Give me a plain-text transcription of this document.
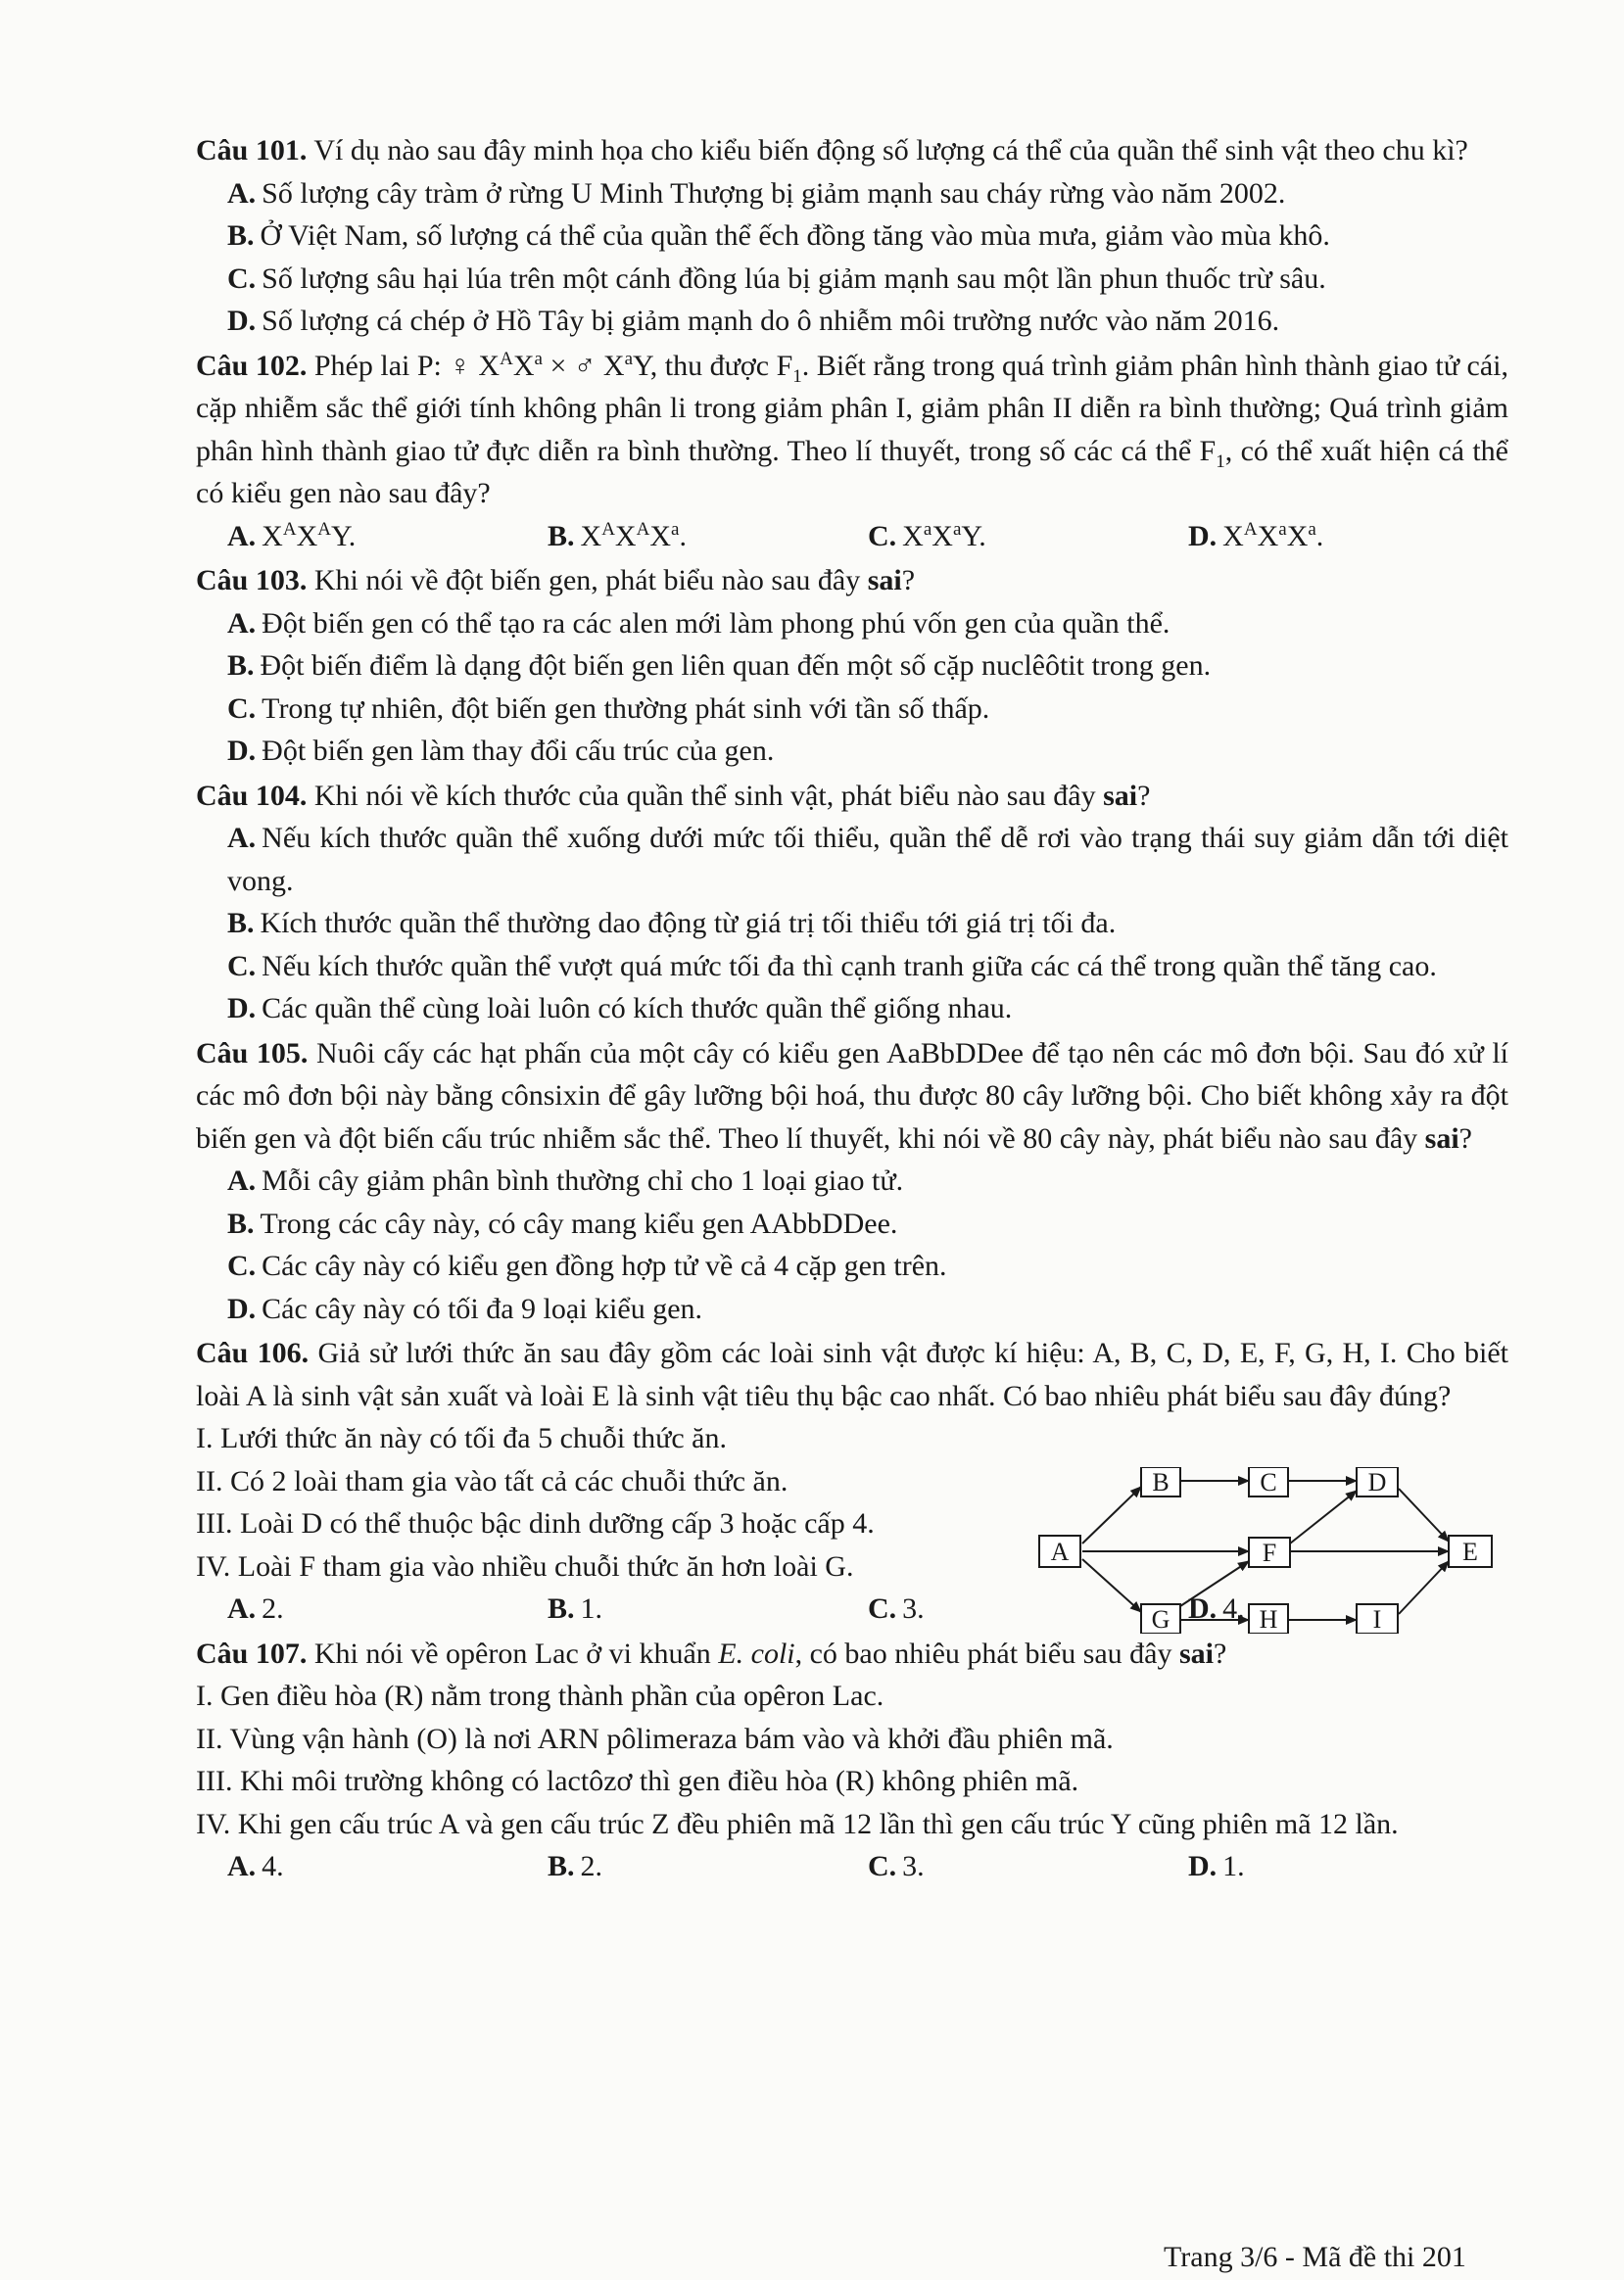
Câu 101. Ví dụ nào sau đây minh họa cho kiểu biến động số lượng cá thể của quần thể sinh vật theo chu kì?
A. Số lượng cây tràm ở rừng U Minh Thượng bị giảm mạnh sau cháy rừng vào năm 2002.
B. Ở Việt Nam, số lượng cá thể của quần thể ếch đồng tăng vào mùa mưa, giảm vào mùa khô.
C. Số lượng sâu hại lúa trên một cánh đồng lúa bị giảm mạnh sau một lần phun thuốc trừ sâu.
D. Số lượng cá chép ở Hồ Tây bị giảm mạnh do ô nhiễm môi trường nước vào năm 2016.
Câu 102. Phép lai P: ♀ $X^AX^a$ × ♂ $X^aY$, thu được $F_1$. Biết rằng trong quá trình giảm phân hình thành giao tử cái, cặp nhiễm sắc thể giới tính không phân li trong giảm phân I, giảm phân II diễn ra bình thường; Quá trình giảm phân hình thành giao tử đực diễn ra bình thường. Theo lí thuyết, trong số các cá thể $F_1$, có thể xuất hiện cá thể có kiểu gen nào sau đây?
A. $X^AX^AY$.	B. $X^AX^AX^a$.	C. $X^aX^aY$.	D. $X^AX^aX^a$.
Câu 103. Khi nói về đột biến gen, phát biểu nào sau đây sai?
A. Đột biến gen có thể tạo ra các alen mới làm phong phú vốn gen của quần thể.
B. Đột biến điểm là dạng đột biến gen liên quan đến một số cặp nuclêôtit trong gen.
C. Trong tự nhiên, đột biến gen thường phát sinh với tần số thấp.
D. Đột biến gen làm thay đổi cấu trúc của gen.
Câu 104. Khi nói về kích thước của quần thể sinh vật, phát biểu nào sau đây sai?
A. Nếu kích thước quần thể xuống dưới mức tối thiểu, quần thể dễ rơi vào trạng thái suy giảm dẫn tới diệt vong.
B. Kích thước quần thể thường dao động từ giá trị tối thiểu tới giá trị tối đa.
C. Nếu kích thước quần thể vượt quá mức tối đa thì cạnh tranh giữa các cá thể trong quần thể tăng cao.
D. Các quần thể cùng loài luôn có kích thước quần thể giống nhau.
Câu 105. Nuôi cấy các hạt phấn của một cây có kiểu gen AaBbDDee để tạo nên các mô đơn bội. Sau đó xử lí các mô đơn bội này bằng cônsixin để gây lưỡng bội hoá, thu được 80 cây lưỡng bội. Cho biết không xảy ra đột biến gen và đột biến cấu trúc nhiễm sắc thể. Theo lí thuyết, khi nói về 80 cây này, phát biểu nào sau đây sai?
A. Mỗi cây giảm phân bình thường chỉ cho 1 loại giao tử.
B. Trong các cây này, có cây mang kiểu gen AAbbDDee.
C. Các cây này có kiểu gen đồng hợp tử về cả 4 cặp gen trên.
D. Các cây này có tối đa 9 loại kiểu gen.
Câu 106. Giả sử lưới thức ăn sau đây gồm các loài sinh vật được kí hiệu: A, B, C, D, E, F, G, H, I. Cho biết loài A là sinh vật sản xuất và loài E là sinh vật tiêu thụ bậc cao nhất. Có bao nhiêu phát biểu sau đây đúng?
I. Lưới thức ăn này có tối đa 5 chuỗi thức ăn.
II. Có 2 loài tham gia vào tất cả các chuỗi thức ăn.
III. Loài D có thể thuộc bậc dinh dưỡng cấp 3 hoặc cấp 4.
IV. Loài F tham gia vào nhiều chuỗi thức ăn hơn loài G.
A. 2.	B. 1.	C. 3.	D. 4.
A
B	C	D
E
F
G	H	I
Câu 107. Khi nói về opêron Lac ở vi khuẩn E. coli, có bao nhiêu phát biểu sau đây sai?
I. Gen điều hòa (R) nằm trong thành phần của opêron Lac.
II. Vùng vận hành (O) là nơi ARN pôlimeraza bám vào và khởi đầu phiên mã.
III. Khi môi trường không có lactôzơ thì gen điều hòa (R) không phiên mã.
IV. Khi gen cấu trúc A và gen cấu trúc Z đều phiên mã 12 lần thì gen cấu trúc Y cũng phiên mã 12 lần.
A. 4.	B. 2.	C. 3.	D. 1.
Trang 3/6 - Mã đề thi 201
